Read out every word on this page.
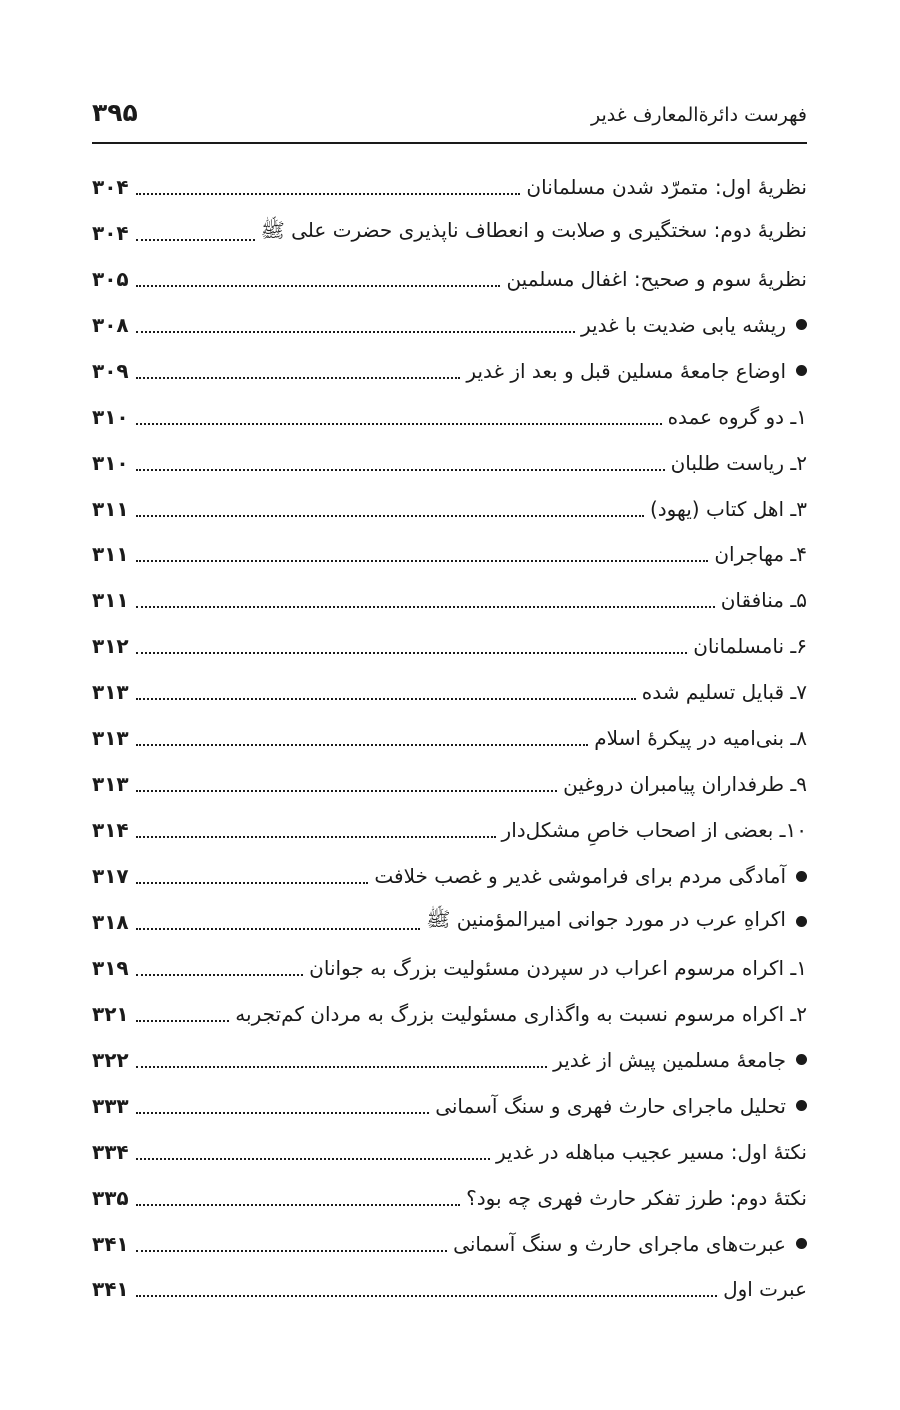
۳۹۵	فهرست دائرةالمعارف غدیر
نظریهٔ اول: متمرّد شدن مسلمانان
۳۰۴
نظریهٔ دوم: سختگیری و صلابت و انعطاف ناپذیری حضرت علی ﷺ
۳۰۴
نظریهٔ سوم و صحیح: اغفال مسلمین
۳۰۵
ریشه یابی ضدیت با غدیر
۳۰۸
اوضاع جامعهٔ مسلین قبل و بعد از غدیر
۳۰۹
۱ـ دو گروه عمده
۳۱۰
۲ـ ریاست طلبان
۳۱۰
۳ـ اهل کتاب (یهود)
۳۱۱
۴ـ مهاجران
۳۱۱
۵ـ منافقان
۳۱۱
۶ـ نامسلمانان
۳۱۲
۷ـ قبایل تسلیم شده
۳۱۳
۸ـ بنی‌امیه در پیکرهٔ اسلام
۳۱۳
۹ـ طرفداران پیامبران دروغین
۳۱۳
۱۰ـ بعضی از اصحاب خاصِ مشکل‌دار
۳۱۴
آمادگی مردم برای فراموشی غدیر و غصب خلافت
۳۱۷
اکراهِ عرب در مورد جوانی امیرالمؤمنین ﷺ
۳۱۸
۱ـ اکراه مرسوم اعراب در سپردن مسئولیت بزرگ به جوانان
۳۱۹
۲ـ اکراه مرسوم نسبت به واگذاری مسئولیت بزرگ به مردان کم‌تجربه
۳۲۱
جامعهٔ مسلمین پیش از غدیر
۳۲۲
تحلیل ماجرای حارث فهری و سنگ آسمانی
۳۳۳
نکتهٔ اول: مسیر عجیب مباهله در غدیر
۳۳۴
نکتهٔ دوم: طرز تفکر حارث فهری چه بود؟
۳۳۵
عبرت‌های ماجرای حارث و سنگ آسمانی
۳۴۱
عبرت اول
۳۴۱
